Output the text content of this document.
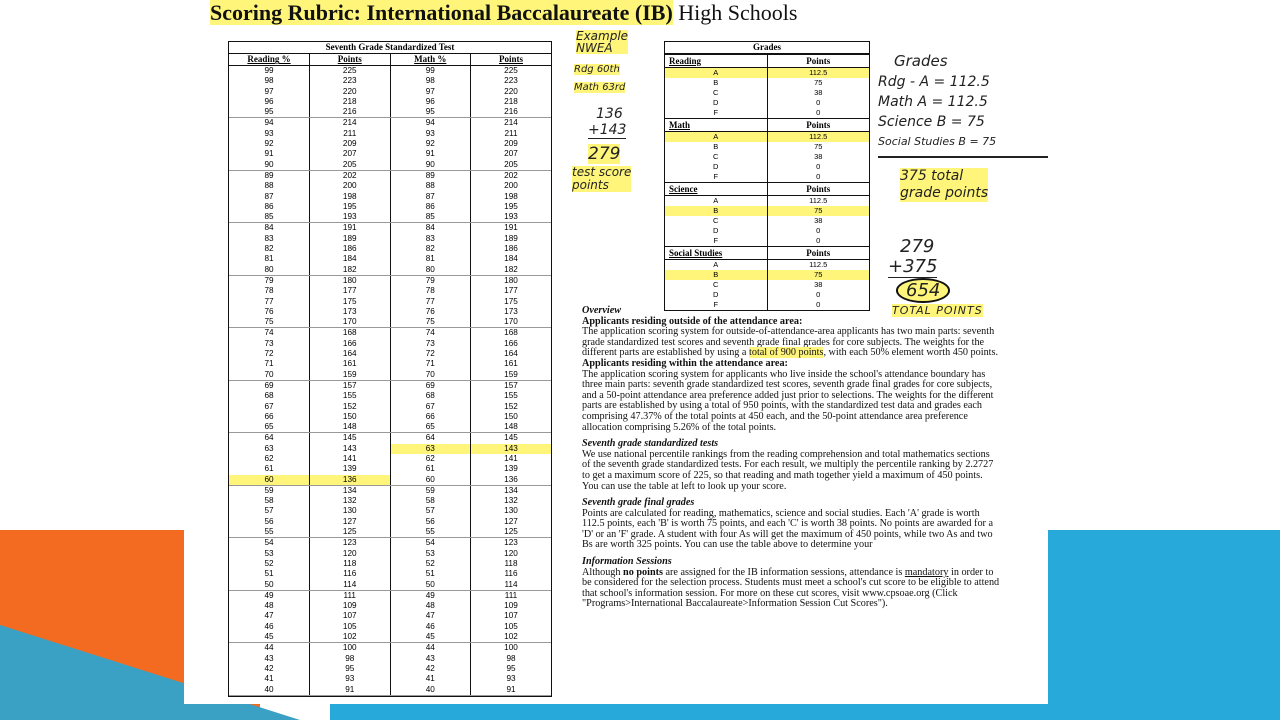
Scoring Rubric: International Baccalaureate (IB) High Schools
Seventh Grade Standardized Test
Reading %	Points	Math %	Points
99	225	99	225
98	223	98	223
97	220	97	220
96	218	96	218
95	216	95	216
94	214	94	214
93	211	93	211
92	209	92	209
91	207	91	207
90	205	90	205
89	202	89	202
88	200	88	200
87	198	87	198
86	195	86	195
85	193	85	193
84	191	84	191
83	189	83	189
82	186	82	186
81	184	81	184
80	182	80	182
79	180	79	180
78	177	78	177
77	175	77	175
76	173	76	173
75	170	75	170
74	168	74	168
73	166	73	166
72	164	72	164
71	161	71	161
70	159	70	159
69	157	69	157
68	155	68	155
67	152	67	152
66	150	66	150
65	148	65	148
64	145	64	145
63	143	63	143
62	141	62	141
61	139	61	139
60	136	60	136
59	134	59	134
58	132	58	132
57	130	57	130
56	127	56	127
55	125	55	125
54	123	54	123
53	120	53	120
52	118	52	118
51	116	51	116
50	114	50	114
49	111	49	111
48	109	48	109
47	107	47	107
46	105	46	105
45	102	45	102
44	100	44	100
43	98	43	98
42	95	42	95
41	93	41	93
40	91	40	91
Grades
Reading	Points
A	112.5
B	75
C	38
D	0
F	0
Math	Points
A	112.5
B	75
C	38
D	0
F	0
Science	Points
A	112.5
B	75
C	38
D	0
F	0
Social Studies	Points
A	112.5
B	75
C	38
D	0
F	0
Overview
Applicants residing outside of the attendance area:

The application scoring system for outside-of-attendance-area applicants has two main parts: seventh grade standardized test scores and seventh grade final grades for core subjects. The weights for the different parts are established by using a total of 900 points, with each 50% element worth 450 points.

Applicants residing within the attendance area:

The application scoring system for applicants who live inside the school's attendance boundary has three main parts: seventh grade standardized test scores, seventh grade final grades for core subjects, and a 50-point attendance area preference added just prior to selections. The weights for the different parts are established by using a total of 950 points, with the standardized test data and grades each comprising 47.37% of the total points at 450 each, and the 50-point attendance area preference allocation comprising 5.26% of the total points.

Seventh grade standardized tests

We use national percentile rankings from the reading comprehension and total mathematics sections of the seventh grade standardized tests. For each result, we multiply the percentile ranking by 2.2727 to get a maximum score of 225, so that reading and math together yield a maximum of 450 points. You can use the table at left to look up your score.

Seventh grade final grades

Points are calculated for reading, mathematics, science and social studies. Each 'A' grade is worth 112.5 points, each 'B' is worth 75 points, and each 'C' is worth 38 points. No points are awarded for a 'D' or an 'F' grade. A student with four As will get the maximum of 450 points, while two As and two Bs are worth 325 points. You can use the table above to determine your

Information Sessions

Although no points are assigned for the IB information sessions, attendance is mandatory in order to be considered for the selection process. Students must meet a school's cut score to be eligible to attend that school's information session. For more on these cut scores, visit www.cpsoae.org (Click "Programs>International Baccalaureate>Information Session Cut Scores").

Example
NWEA
Rdg 60th
Math 63rd
136
+143
279
test score
points
Grades
Rdg - A = 112.5
Math A = 112.5
Science B = 75
Social Studies B = 75
375 total
grade points
279
+375
654
TOTAL POINTS
